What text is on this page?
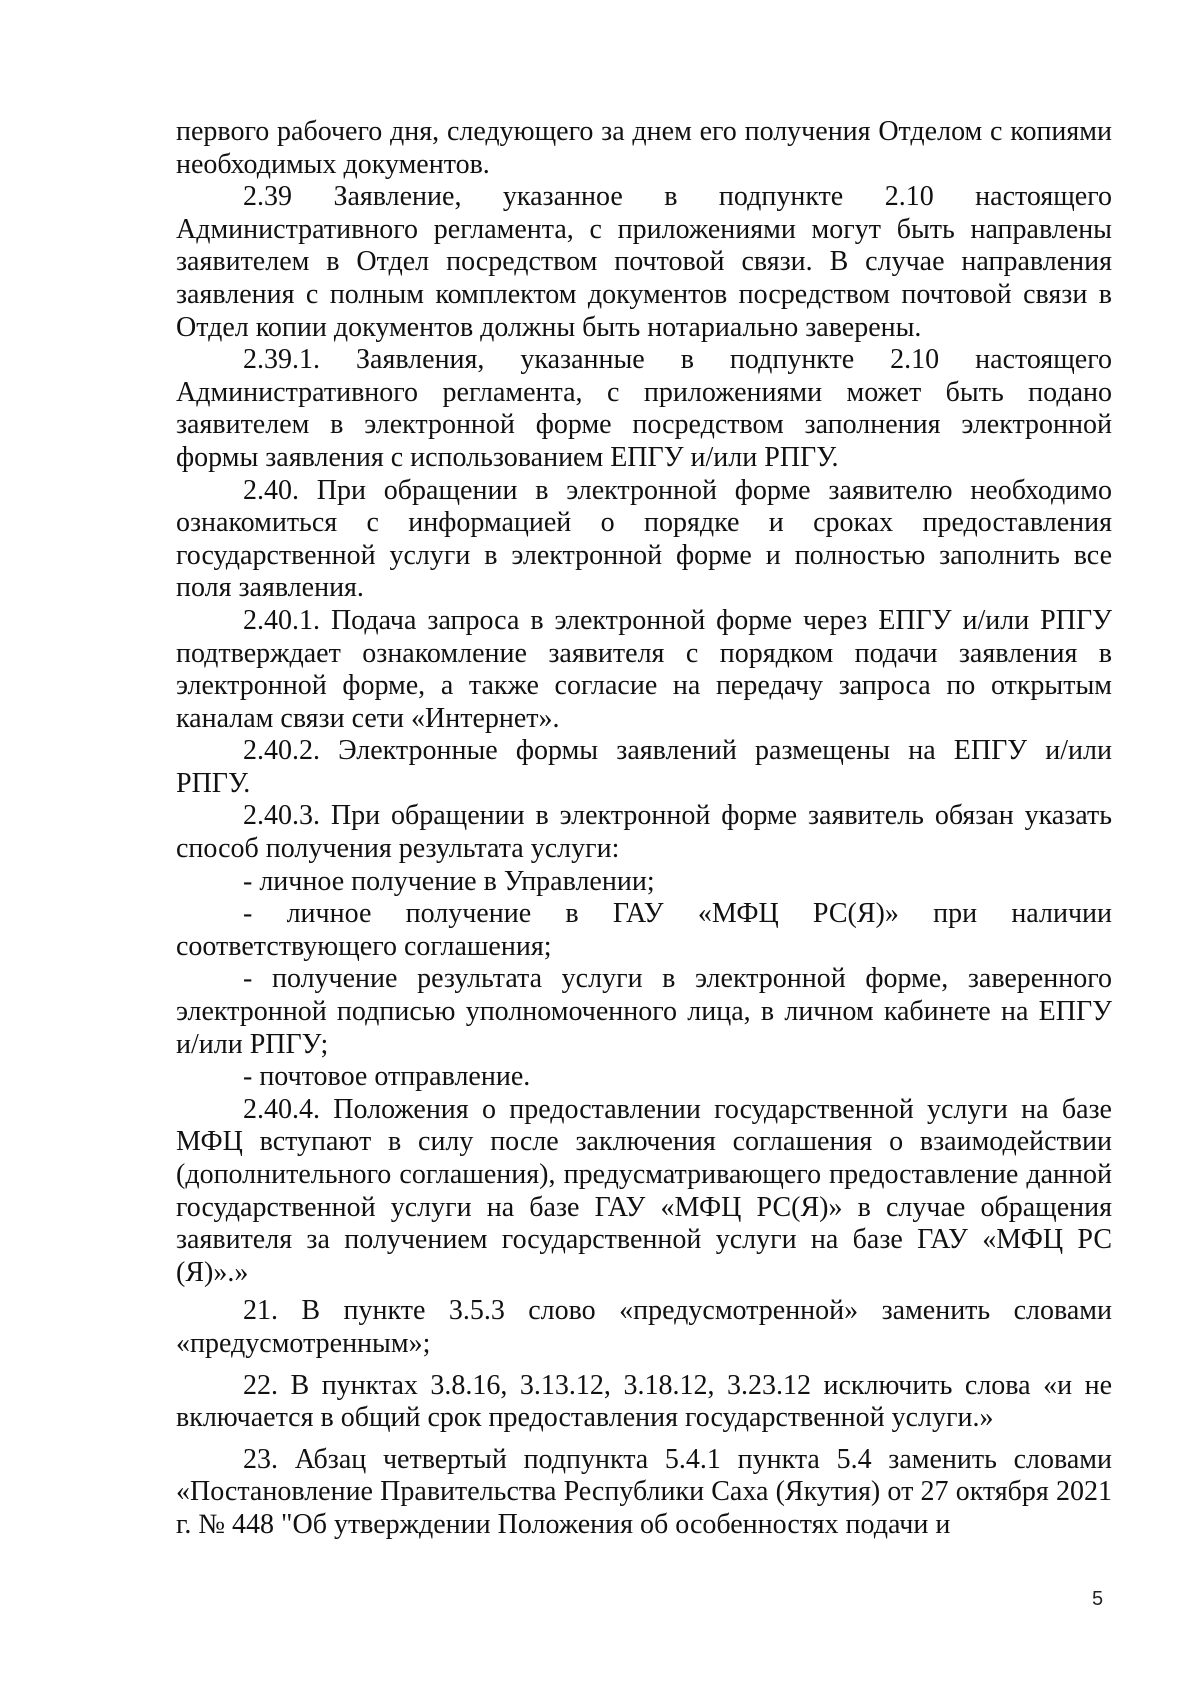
первого рабочего дня, следующего за днем его получения Отделом с копиями необходимых документов.

2.39 Заявление, указанное в подпункте 2.10 настоящего Административного регламента, с приложениями могут быть направлены заявителем в Отдел посредством почтовой связи. В случае направления заявления с полным комплектом документов посредством почтовой связи в Отдел копии документов должны быть нотариально заверены.

2.39.1. Заявления, указанные в подпункте 2.10 настоящего Административного регламента, с приложениями может быть подано заявителем в электронной форме посредством заполнения электронной формы заявления с использованием ЕПГУ и/или РПГУ.

2.40. При обращении в электронной форме заявителю необходимо ознакомиться с информацией о порядке и сроках предоставления государственной услуги в электронной форме и полностью заполнить все поля заявления.

2.40.1. Подача запроса в электронной форме через ЕПГУ и/или РПГУ подтверждает ознакомление заявителя с порядком подачи заявления в электронной форме, а также согласие на передачу запроса по открытым каналам связи сети «Интернет».

2.40.2. Электронные формы заявлений размещены на ЕПГУ и/или РПГУ.

2.40.3. При обращении в электронной форме заявитель обязан указать способ получения результата услуги:

- личное получение в Управлении;

- личное получение в ГАУ «МФЦ РС(Я)» при наличии соответствующего соглашения;

- получение результата услуги в электронной форме, заверенного электронной подписью уполномоченного лица, в личном кабинете на ЕПГУ и/или РПГУ;

- почтовое отправление.

2.40.4. Положения о предоставлении государственной услуги на базе МФЦ вступают в силу после заключения соглашения о взаимодействии (дополнительного соглашения), предусматривающего предоставление данной государственной услуги на базе ГАУ «МФЦ РС(Я)» в случае обращения заявителя за получением государственной услуги на базе ГАУ «МФЦ РС (Я)».»

21. В пункте 3.5.3 слово «предусмотренной» заменить словами «предусмотренным»;

22. В пунктах 3.8.16, 3.13.12, 3.18.12, 3.23.12 исключить слова «и не включается в общий срок предоставления государственной услуги.»

23. Абзац четвертый подпункта 5.4.1 пункта 5.4 заменить словами «Постановление Правительства Республики Саха (Якутия) от 27 октября 2021 г. № 448 "Об утверждении Положения об особенностях подачи и

5
